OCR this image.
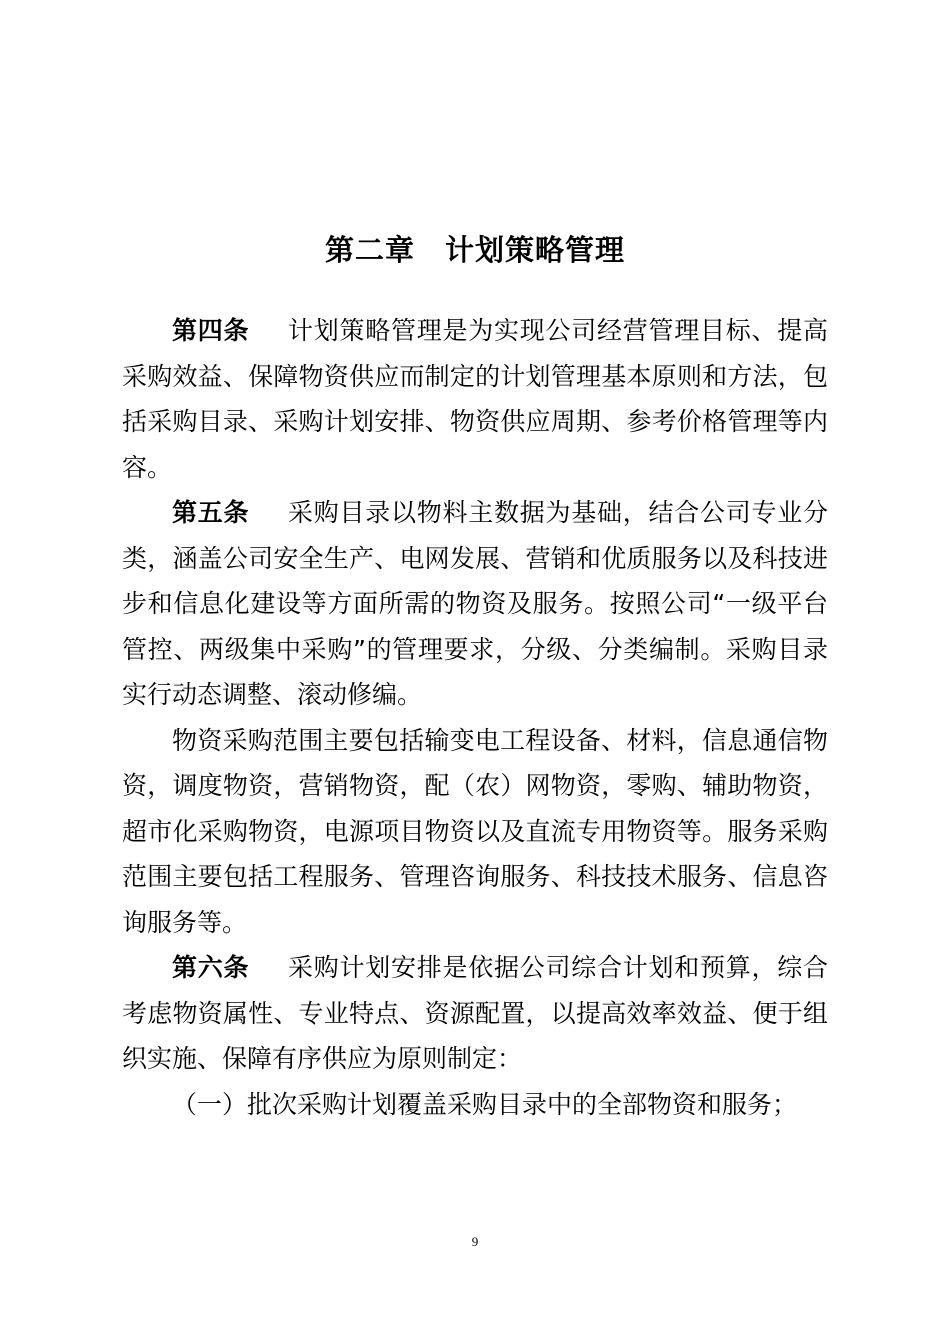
第二章 计划策略管理

第四条 计划策略管理是为实现公司经营管理目标、提高采购效益、保障物资供应而制定的计划管理基本原则和方法，包括采购目录、采购计划安排、物资供应周期、参考价格管理等内容。

第五条 采购目录以物料主数据为基础，结合公司专业分类，涵盖公司安全生产、电网发展、营销和优质服务以及科技进步和信息化建设等方面所需的物资及服务。按照公司“一级平台管控、两级集中采购”的管理要求，分级、分类编制。采购目录实行动态调整、滚动修编。

物资采购范围主要包括输变电工程设备、材料，信息通信物资，调度物资，营销物资，配（农）网物资，零购、辅助物资，超市化采购物资，电源项目物资以及直流专用物资等。服务采购范围主要包括工程服务、管理咨询服务、科技技术服务、信息咨询服务等。

第六条 采购计划安排是依据公司综合计划和预算，综合考虑物资属性、专业特点、资源配置，以提高效率效益、便于组织实施、保障有序供应为原则制定：

（一）批次采购计划覆盖采购目录中的全部物资和服务；

9
